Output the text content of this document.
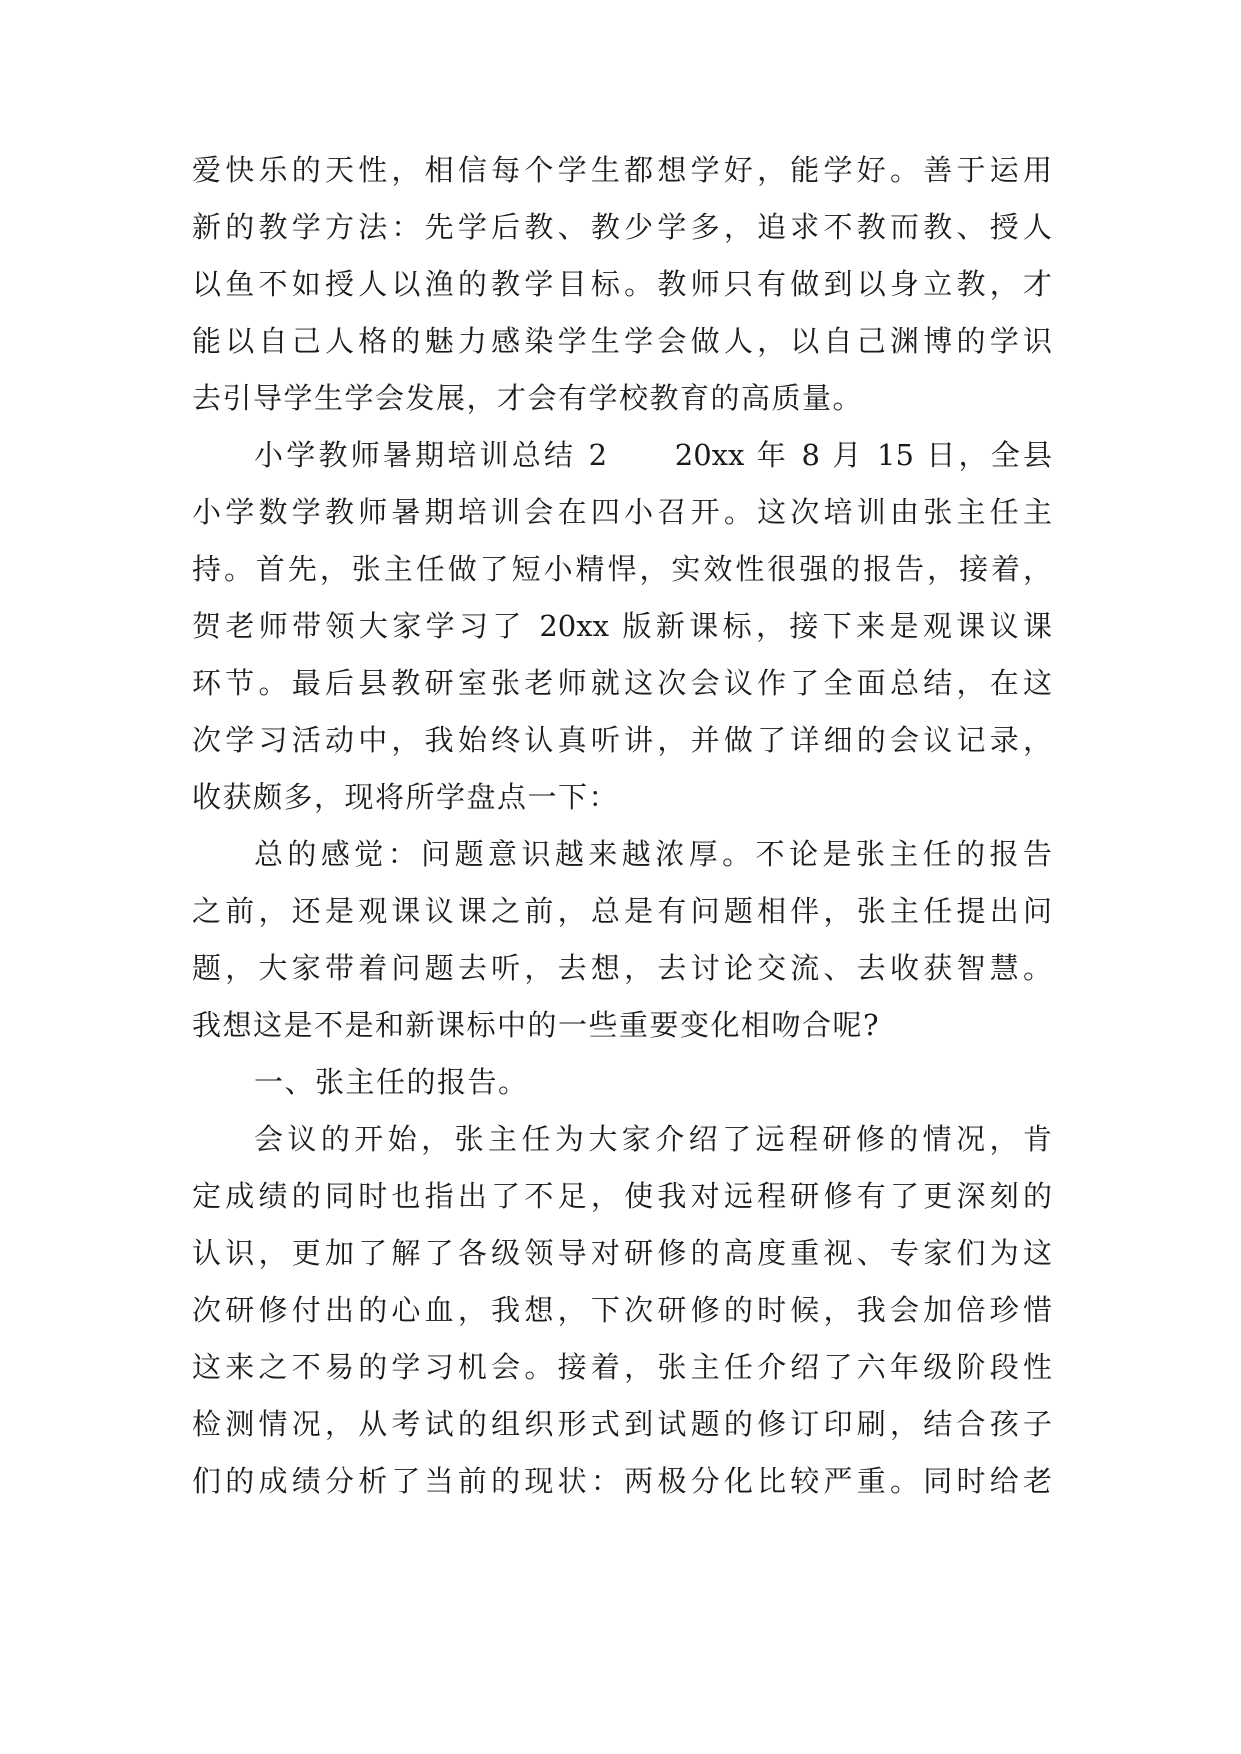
爱快乐的天性，相信每个学生都想学好，能学好。善于运用
新的教学方法：先学后教、教少学多，追求不教而教、授人
以鱼不如授人以渔的教学目标。教师只有做到以身立教，才
能以自己人格的魅力感染学生学会做人，以自己渊博的学识
去引导学生学会发展，才会有学校教育的高质量。
小学教师暑期培训总结 2　　20xx 年 8 月 15 日，全县
小学数学教师暑期培训会在四小召开。这次培训由张主任主
持。首先，张主任做了短小精悍，实效性很强的报告，接着，
贺老师带领大家学习了 20xx 版新课标，接下来是观课议课
环节。最后县教研室张老师就这次会议作了全面总结，在这
次学习活动中，我始终认真听讲，并做了详细的会议记录，
收获颇多，现将所学盘点一下：
总的感觉：问题意识越来越浓厚。不论是张主任的报告
之前，还是观课议课之前，总是有问题相伴，张主任提出问
题，大家带着问题去听，去想，去讨论交流、去收获智慧。
我想这是不是和新课标中的一些重要变化相吻合呢?
一、张主任的报告。
会议的开始，张主任为大家介绍了远程研修的情况，肯
定成绩的同时也指出了不足，使我对远程研修有了更深刻的
认识，更加了解了各级领导对研修的高度重视、专家们为这
次研修付出的心血，我想，下次研修的时候，我会加倍珍惜
这来之不易的学习机会。接着，张主任介绍了六年级阶段性
检测情况，从考试的组织形式到试题的修订印刷，结合孩子
们的成绩分析了当前的现状：两极分化比较严重。同时给老
